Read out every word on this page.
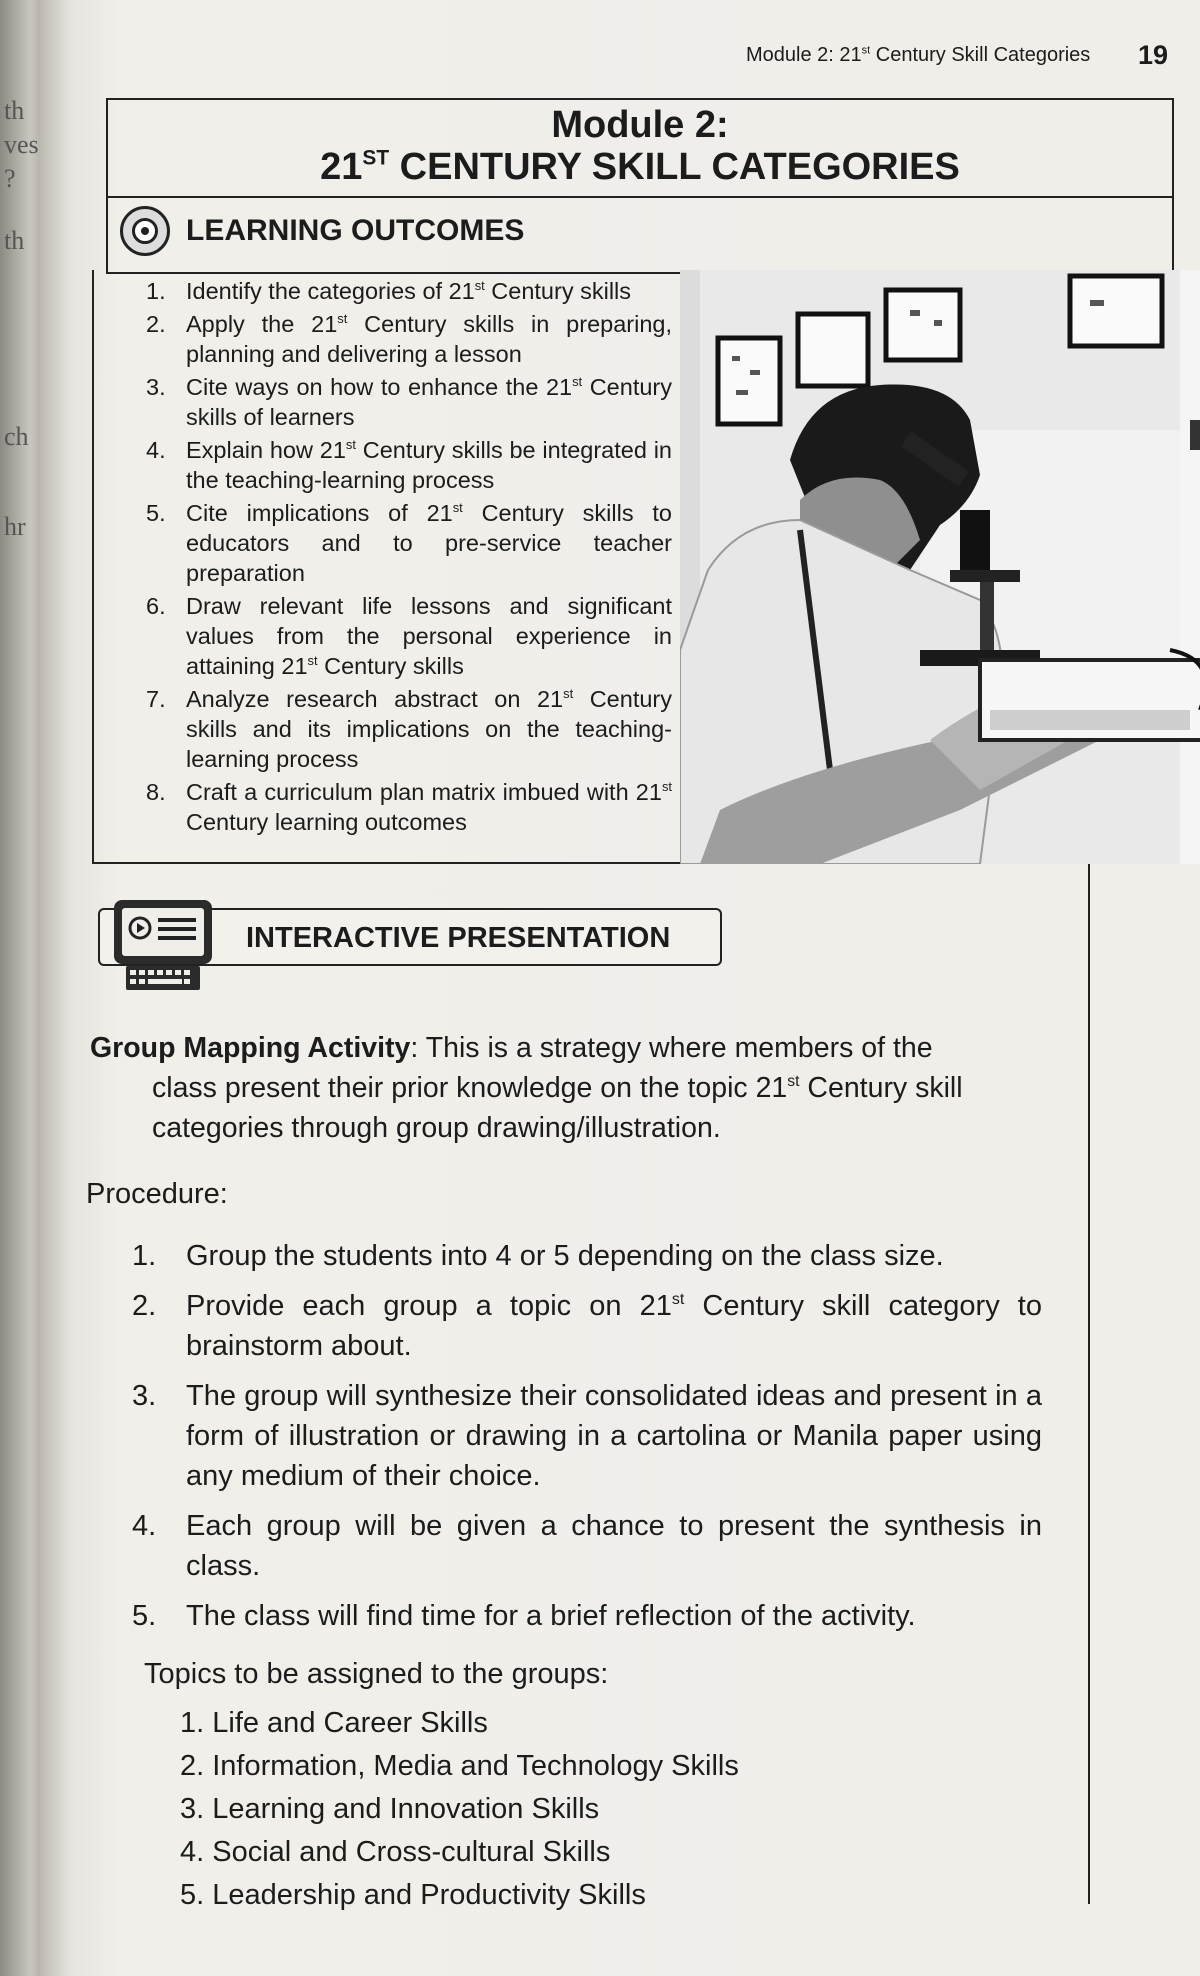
th
ves
?
th
ch
hr
Module 2: 21st Century Skill Categories 19
Module 2:
21ST CENTURY SKILL CATEGORIES
LEARNING OUTCOMES
1. Identify the categories of 21st Century skills
2. Apply the 21st Century skills in preparing, planning and delivering a lesson
3. Cite ways on how to enhance the 21st Century skills of learners
4. Explain how 21st Century skills be integrated in the teaching-learning process
5. Cite implications of 21st Century skills to educators and to pre-service teacher preparation
6. Draw relevant life lessons and significant values from the personal experience in attaining 21st Century skills
7. Analyze research abstract on 21st Century skills and its implications on the teaching-learning process
8. Craft a curriculum plan matrix imbued with 21st Century learning outcomes
INTERACTIVE PRESENTATION
Group Mapping Activity: This is a strategy where members of the
class present their prior knowledge on the topic 21st Century skill
categories through group drawing/illustration.
Procedure:
1. Group the students into 4 or 5 depending on the class size.
2. Provide each group a topic on 21st Century skill category to brainstorm about.
3. The group will synthesize their consolidated ideas and present in a form of illustration or drawing in a cartolina or Manila paper using any medium of their choice.
4. Each group will be given a chance to present the synthesis in class.
5. The class will find time for a brief reflection of the activity.
Topics to be assigned to the groups:
1. Life and Career Skills
2. Information, Media and Technology Skills
3. Learning and Innovation Skills
4. Social and Cross-cultural Skills
5. Leadership and Productivity Skills
